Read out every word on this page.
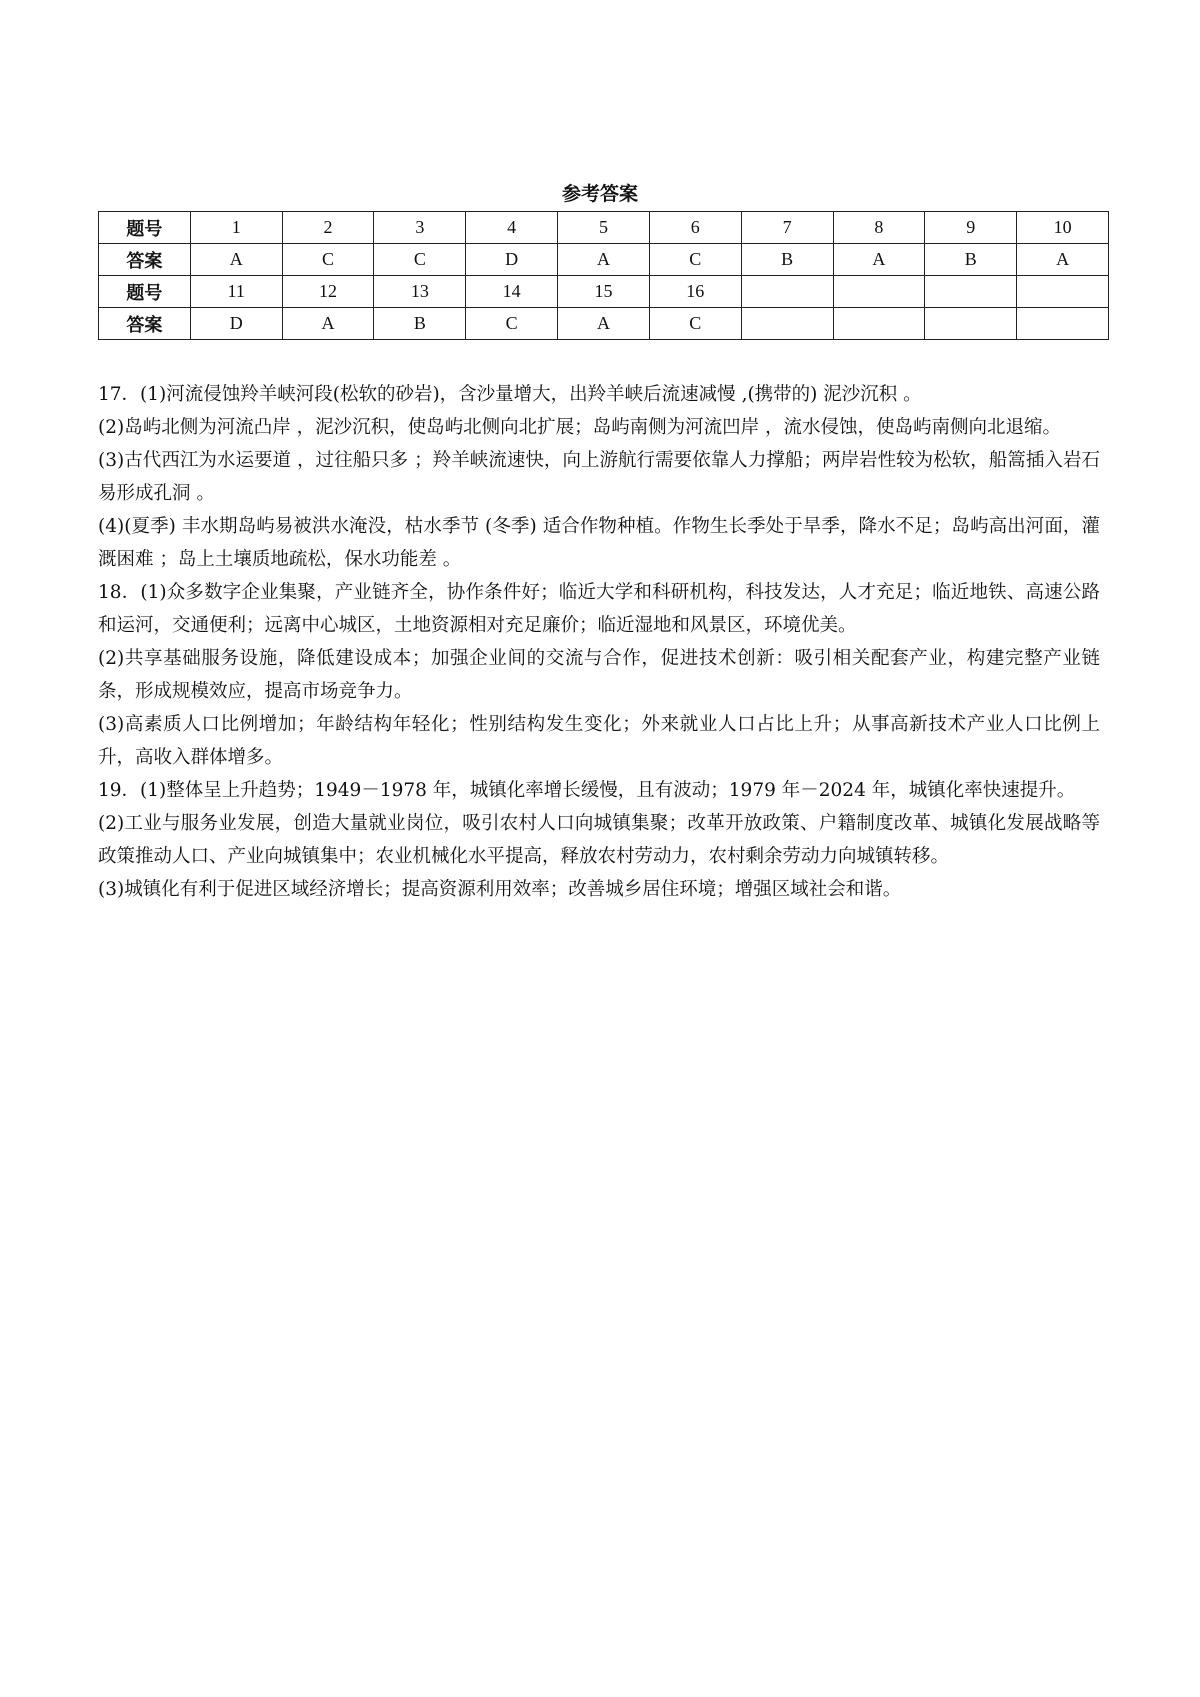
参考答案
题号	1	2	3	4	5	6	7	8	9	10
答案	A	C	C	D	A	C	B	A	B	A
题号	11	12	13	14	15	16				
答案	D	A	B	C	A	C				

17．(1)河流侵蚀羚羊峡河段(松软的砂岩)，含沙量增大，出羚羊峡后流速减慢 ,(携带的) 泥沙沉积 。

(2)岛屿北侧为河流凸岸 ，泥沙沉积，使岛屿北侧向北扩展；岛屿南侧为河流凹岸 ，流水侵蚀，使岛屿南侧向北退缩。

(3)古代西江为水运要道 ，过往船只多 ；羚羊峡流速快，向上游航行需要依靠人力撑船；两岸岩性较为松软，船篙插入岩石易形成孔洞 。

(4)(夏季) 丰水期岛屿易被洪水淹没，枯水季节 (冬季) 适合作物种植。作物生长季处于旱季，降水不足；岛屿高出河面，灌溉困难 ；岛上土壤质地疏松，保水功能差 。

18．(1)众多数字企业集聚，产业链齐全，协作条件好；临近大学和科研机构，科技发达，人才充足；临近地铁、高速公路和运河，交通便利；远离中心城区，土地资源相对充足廉价；临近湿地和风景区，环境优美。

(2)共享基础服务设施，降低建设成本；加强企业间的交流与合作，促进技术创新：吸引相关配套产业，构建完整产业链条，形成规模效应，提高市场竞争力。

(3)高素质人口比例增加；年龄结构年轻化；性别结构发生变化；外来就业人口占比上升；从事高新技术产业人口比例上升，高收入群体增多。

19．(1)整体呈上升趋势；1949－1978 年，城镇化率增长缓慢，且有波动；1979 年－2024 年，城镇化率快速提升。

(2)工业与服务业发展，创造大量就业岗位，吸引农村人口向城镇集聚；改革开放政策、户籍制度改革、城镇化发展战略等政策推动人口、产业向城镇集中；农业机械化水平提高，释放农村劳动力，农村剩余劳动力向城镇转移。

(3)城镇化有利于促进区域经济增长；提高资源利用效率；改善城乡居住环境；增强区域社会和谐。
